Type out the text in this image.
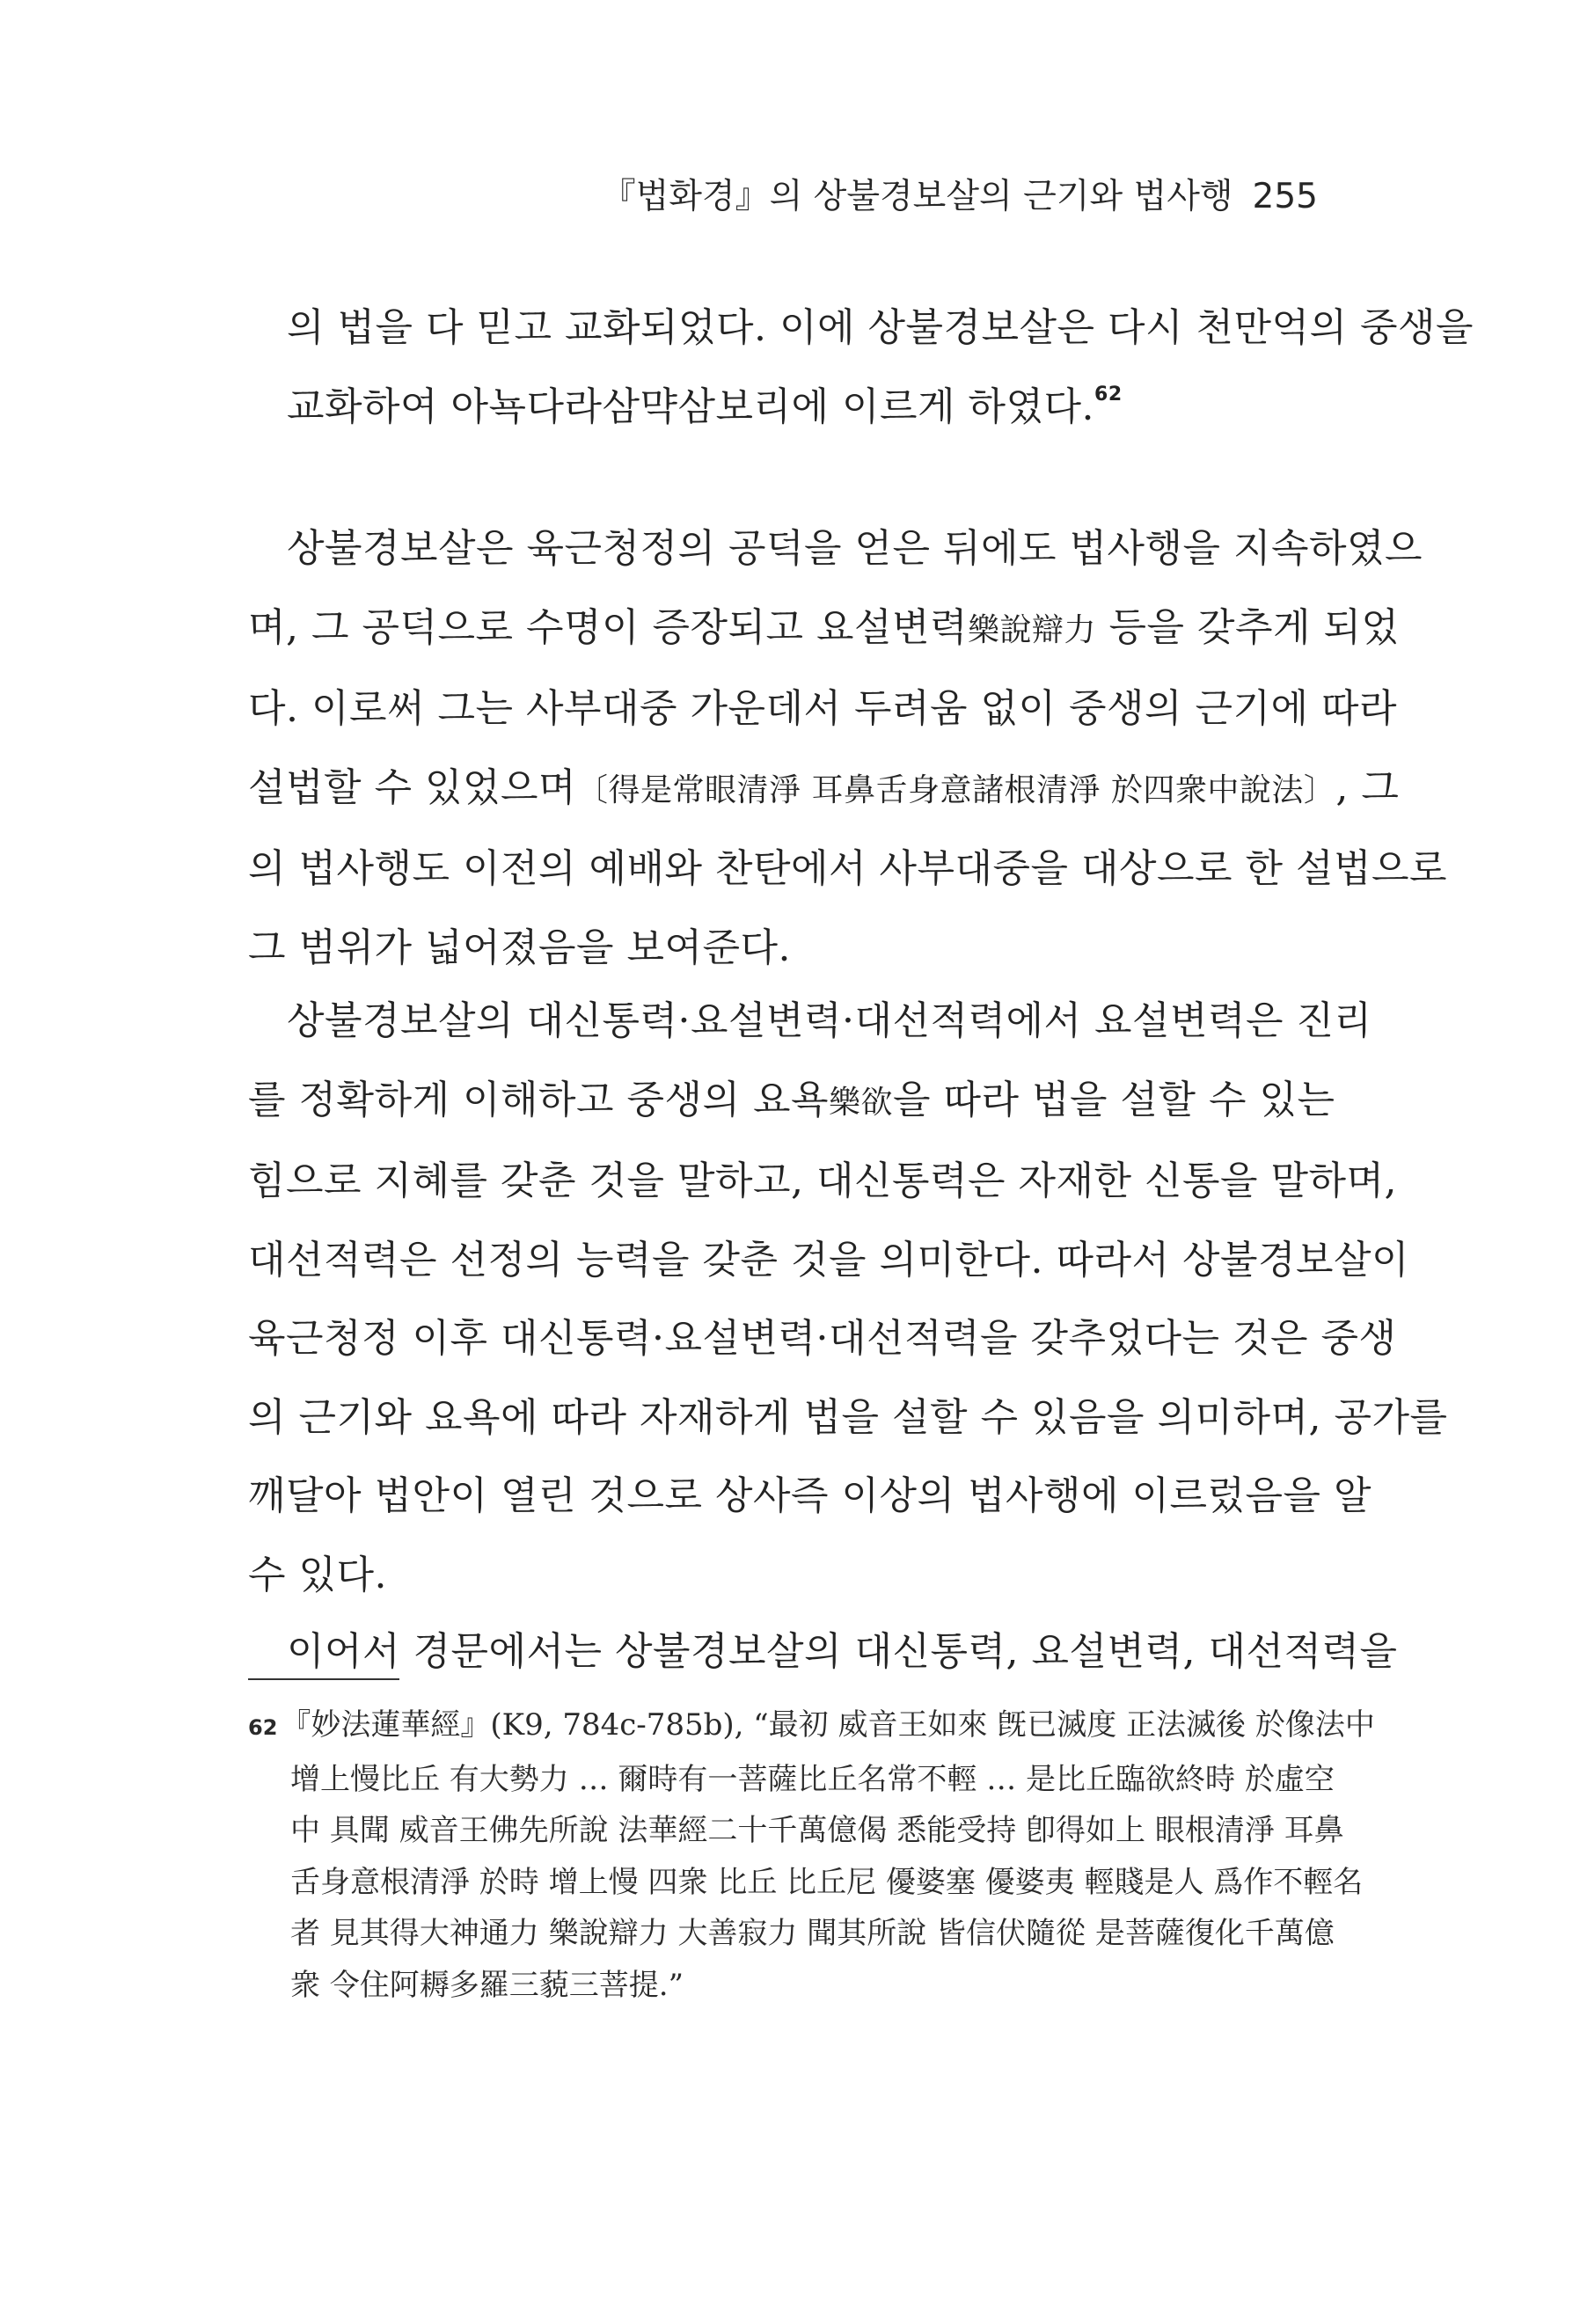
『법화경』의 상불경보살의 근기와 법사행 255
의 법을 다 믿고 교화되었다. 이에 상불경보살은 다시 천만억의 중생을
교화하여 아뇩다라삼먁삼보리에 이르게 하였다.$^{62}$
상불경보살은 육근청정의 공덕을 얻은 뒤에도 법사행을 지속하였으
며, 그 공덕으로 수명이 증장되고 요설변력樂說辯力 등을 갖추게 되었
다. 이로써 그는 사부대중 가운데서 두려움 없이 중생의 근기에 따라
설법할 수 있었으며〔得是常眼清淨 耳鼻舌身意諸根清淨 於四衆中說法〕, 그
의 법사행도 이전의 예배와 찬탄에서 사부대중을 대상으로 한 설법으로
그 범위가 넓어졌음을 보여준다.
상불경보살의 대신통력·요설변력·대선적력에서 요설변력은 진리
를 정확하게 이해하고 중생의 요욕樂欲을 따라 법을 설할 수 있는
힘으로 지혜를 갖춘 것을 말하고, 대신통력은 자재한 신통을 말하며,
대선적력은 선정의 능력을 갖춘 것을 의미한다. 따라서 상불경보살이
육근청정 이후 대신통력·요설변력·대선적력을 갖추었다는 것은 중생
의 근기와 요욕에 따라 자재하게 법을 설할 수 있음을 의미하며, 공가를
깨달아 법안이 열린 것으로 상사즉 이상의 법사행에 이르렀음을 알
수 있다.
이어서 경문에서는 상불경보살의 대신통력, 요설변력, 대선적력을
62 『妙法蓮華經』(K9, 784c-785b), “最初 威音王如來 旣已滅度 正法滅後 於像法中
增上慢比丘 有大勢力 … 爾時有一菩薩比丘名常不輕 … 是比丘臨欲終時 於虛空
中 具聞 威音王佛先所說 法華經二十千萬億偈 悉能受持 卽得如上 眼根清淨 耳鼻
舌身意根清淨 於時 增上慢 四衆 比丘 比丘尼 優婆塞 優婆夷 輕賤是人 爲作不輕名
者 見其得大神通力 樂說辯力 大善寂力 聞其所說 皆信伏隨從 是菩薩復化千萬億
衆 令住阿耨多羅三藐三菩提.”
